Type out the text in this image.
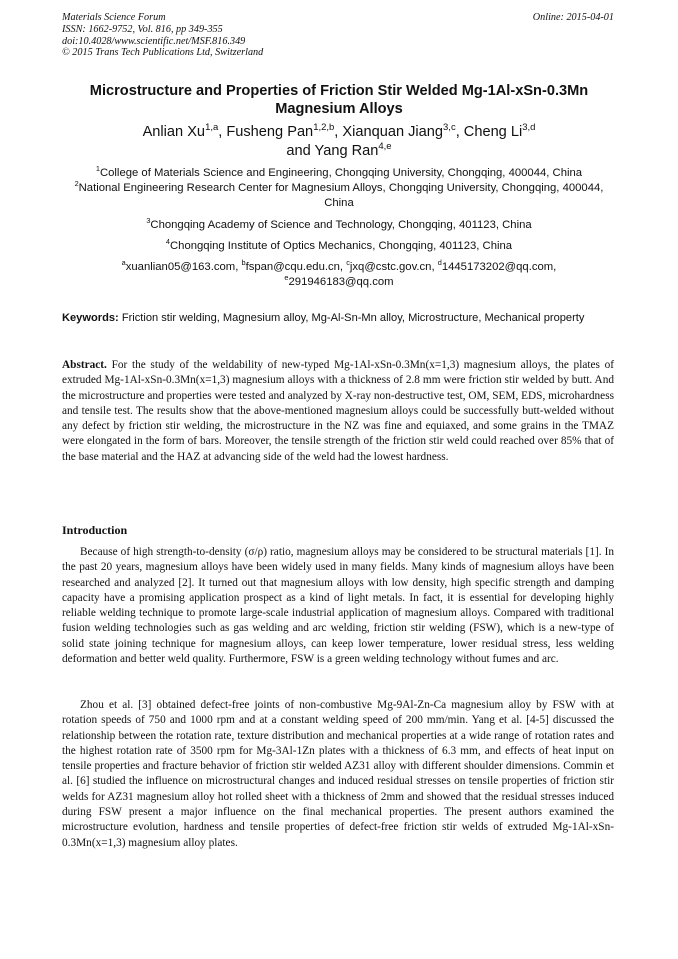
Materials Science Forum
ISSN: 1662-9752, Vol. 816, pp 349-355
doi:10.4028/www.scientific.net/MSF.816.349
© 2015 Trans Tech Publications Ltd, Switzerland
Online: 2015-04-01
Microstructure and Properties of Friction Stir Welded Mg-1Al-xSn-0.3Mn Magnesium Alloys
Anlian Xu$^{1,a}$, Fusheng Pan$^{1,2,b}$, Xianquan Jiang$^{3,c}$, Cheng Li$^{3,d}$
and Yang Ran$^{4,e}$
$^1$College of Materials Science and Engineering, Chongqing University, Chongqing, 400044, China
$^2$National Engineering Research Center for Magnesium Alloys, Chongqing University, Chongqing, 400044, China
$^3$Chongqing Academy of Science and Technology, Chongqing, 401123, China
$^4$Chongqing Institute of Optics Mechanics, Chongqing, 401123, China
$^a$xuanlian05@163.com, $^b$fspan@cqu.edu.cn, $^c$jxq@cstc.gov.cn, $^d$1445173202@qq.com, $^e$291946183@qq.com
Keywords: Friction stir welding, Magnesium alloy, Mg-Al-Sn-Mn alloy, Microstructure, Mechanical property
Abstract. For the study of the weldability of new-typed Mg-1Al-xSn-0.3Mn(x=1,3) magnesium alloys, the plates of extruded Mg-1Al-xSn-0.3Mn(x=1,3) magnesium alloys with a thickness of 2.8 mm were friction stir welded by butt. And the microstructure and properties were tested and analyzed by X-ray non-destructive test, OM, SEM, EDS, microhardness and tensile test. The results show that the above-mentioned magnesium alloys could be successfully butt-welded without any defect by friction stir welding, the microstructure in the NZ was fine and equiaxed, and some grains in the TMAZ were elongated in the form of bars. Moreover, the tensile strength of the friction stir weld could reached over 85% that of the base material and the HAZ at advancing side of the weld had the lowest hardness.
Introduction
Because of high strength-to-density (σ/ρ) ratio, magnesium alloys may be considered to be structural materials [1]. In the past 20 years, magnesium alloys have been widely used in many fields. Many kinds of magnesium alloys have been researched and analyzed [2]. It turned out that magnesium alloys with low density, high specific strength and damping capacity have a promising application prospect as a kind of light metals. In fact, it is essential for developing highly reliable welding technique to promote large-scale industrial application of magnesium alloys. Compared with traditional fusion welding technologies such as gas welding and arc welding, friction stir welding (FSW), which is a new-type of solid state joining technique for magnesium alloys, can keep lower temperature, lower residual stress, less welding deformation and better weld quality. Furthermore, FSW is a green welding technology without fumes and arc.
Zhou et al. [3] obtained defect-free joints of non-combustive Mg-9Al-Zn-Ca magnesium alloy by FSW with at rotation speeds of 750 and 1000 rpm and at a constant welding speed of 200 mm/min. Yang et al. [4-5] discussed the relationship between the rotation rate, texture distribution and mechanical properties at a wide range of rotation rates and the highest rotation rate of 3500 rpm for Mg-3Al-1Zn plates with a thickness of 6.3 mm, and effects of heat input on tensile properties and fracture behavior of friction stir welded AZ31 alloy with different shoulder dimensions. Commin et al. [6] studied the influence on microstructural changes and induced residual stresses on tensile properties of friction stir welds for AZ31 magnesium alloy hot rolled sheet with a thickness of 2mm and showed that the residual stresses induced during FSW present a major influence on the final mechanical properties. The present authors examined the microstructure evolution, hardness and tensile properties of defect-free friction stir welds of extruded Mg-1Al-xSn-0.3Mn(x=1,3) magnesium alloy plates.
